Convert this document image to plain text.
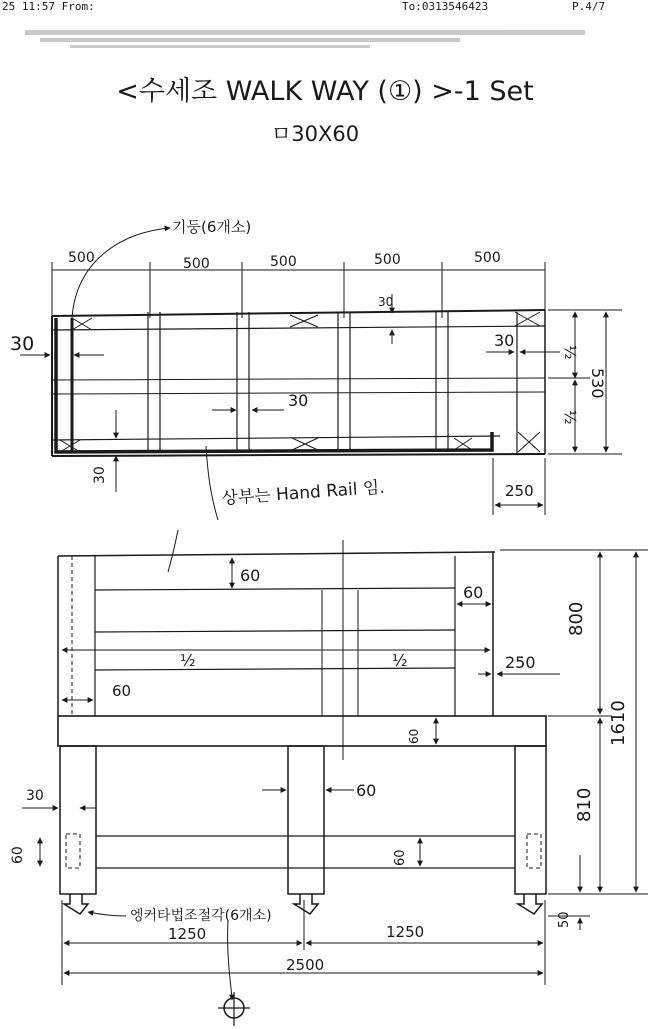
25 11:57 From:	To:0313546423	P.4/7
<수세조 WALK WAY (①) >-1 Set
ㅁ30X60
기둥(6개소)
500	500	500	500	500
30
30
30
30
30
½
½
530
250
상부는 Hand Rail 임.
60
60
½	½	250
60
800
1610
60
60
30
60	60
810
50
엥커타법조절각(6개소)
1250	1250
2500
